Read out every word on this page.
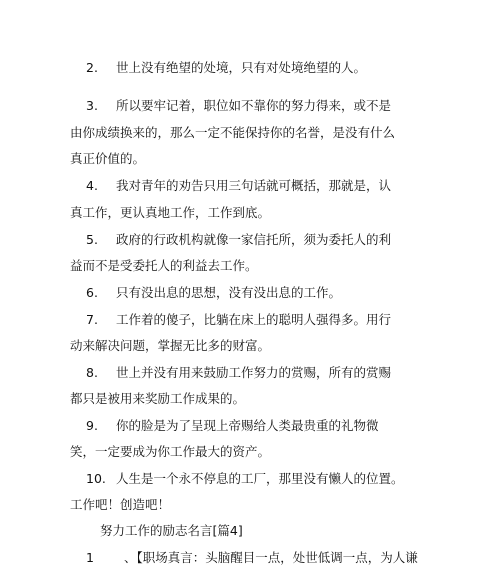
2. 世上没有绝望的处境，只有对处境绝望的人。
3. 所以要牢记着，职位如不靠你的努力得来，或不是
由你成绩换来的，那么一定不能保持你的名誉，是没有什么
真正价值的。
4. 我对青年的劝告只用三句话就可概括，那就是，认
真工作，更认真地工作，工作到底。
5. 政府的行政机构就像一家信托所，须为委托人的利
益而不是受委托人的利益去工作。
6. 只有没出息的思想，没有没出息的工作。
7. 工作着的傻子，比躺在床上的聪明人强得多。用行
动来解决问题，掌握无比多的财富。
8. 世上并没有用来鼓励工作努力的赏赐，所有的赏赐
都只是被用来奖励工作成果的。
9. 你的脸是为了呈现上帝赐给人类最贵重的礼物微
笑，一定要成为你工作最大的资产。
10. 人生是一个永不停息的工厂，那里没有懒人的位置。
工作吧！创造吧！
努力工作的励志名言[篇4]
1 、【职场真言：头脑醒目一点，处世低调一点，为人谦
